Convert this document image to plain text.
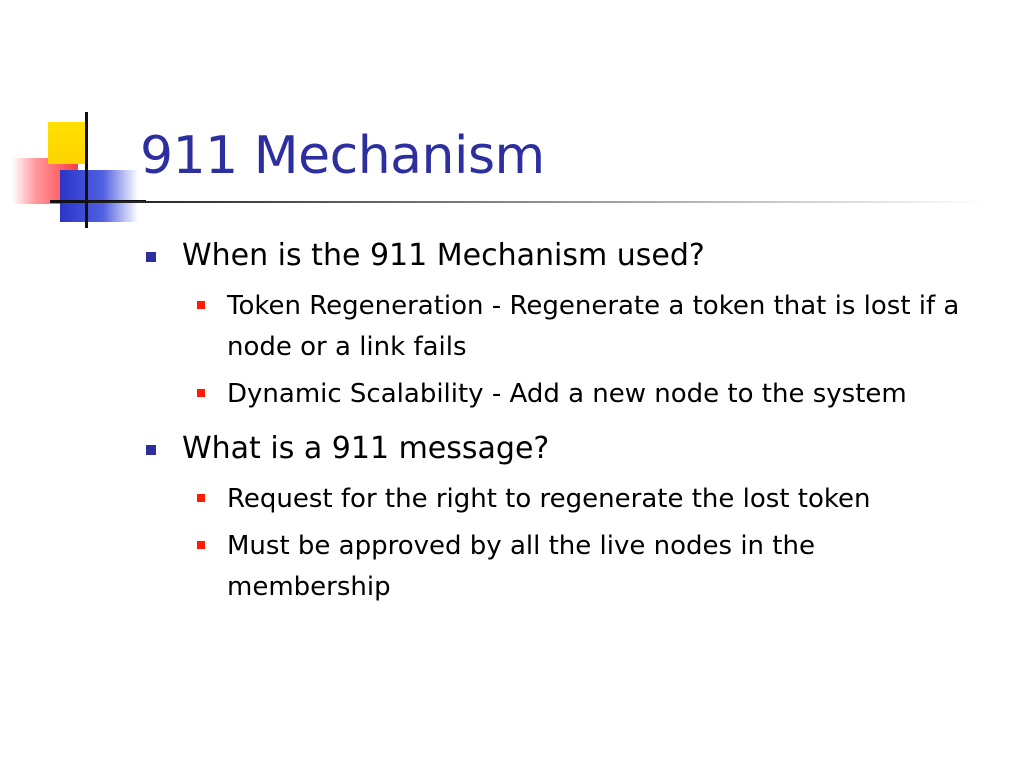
911 Mechanism
When is the 911 Mechanism used?
Token Regeneration - Regenerate a token that is lost if a node or a link fails
Dynamic Scalability - Add a new node to the system
What is a 911 message?
Request for the right to regenerate the lost token
Must be approved by all the live nodes in the membership
